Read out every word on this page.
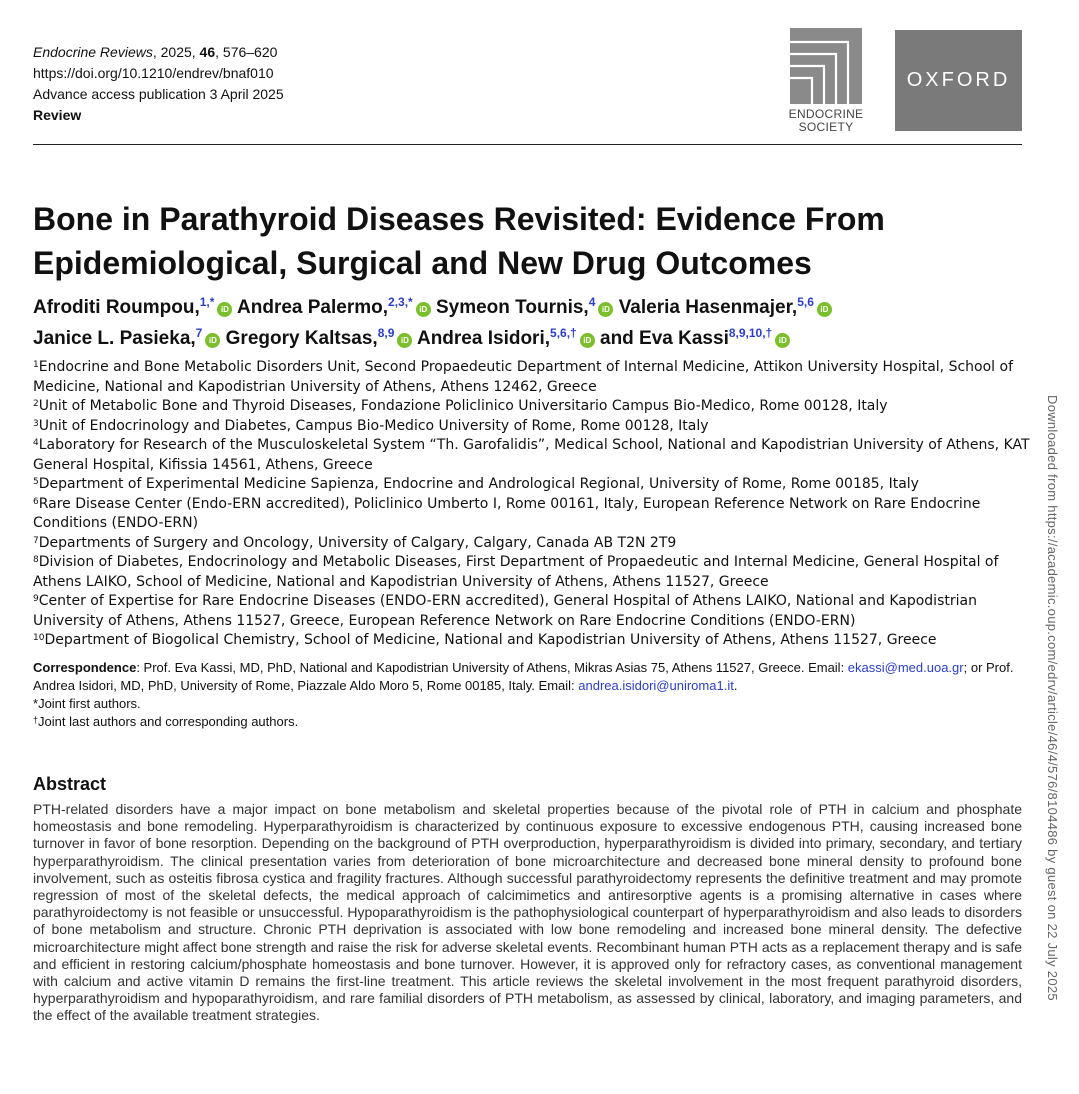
Endocrine Reviews, 2025, 46, 576–620
https://doi.org/10.1210/endrev/bnaf010
Advance access publication 3 April 2025
Review	ENDOCRINE
SOCIETY
OXFORD
Bone in Parathyroid Diseases Revisited: Evidence From Epidemiological, Surgical and New Drug Outcomes
Afroditi Roumpou,$^{1,*}$iD Andrea Palermo,$^{2,3,*}$iD Symeon Tournis,$^4$iD Valeria Hasenmajer,$^{5,6}$iD
Janice L. Pasieka,$^7$iD Gregory Kaltsas,$^{8,9}$iD Andrea Isidori,$^{5,6,\dagger}$iD and Eva Kassi$^{8,9,10,\dagger}$iD

$^1$Endocrine and Bone Metabolic Disorders Unit, Second Propaedeutic Department of Internal Medicine, Attikon University Hospital, School of Medicine, National and Kapodistrian University of Athens, Athens 12462, Greece

$^2$Unit of Metabolic Bone and Thyroid Diseases, Fondazione Policlinico Universitario Campus Bio-Medico, Rome 00128, Italy

$^3$Unit of Endocrinology and Diabetes, Campus Bio-Medico University of Rome, Rome 00128, Italy

$^4$Laboratory for Research of the Musculoskeletal System “Th. Garofalidis”, Medical School, National and Kapodistrian University of Athens, KAT General Hospital, Kifissia 14561, Athens, Greece

$^5$Department of Experimental Medicine Sapienza, Endocrine and Andrological Regional, University of Rome, Rome 00185, Italy

$^6$Rare Disease Center (Endo-ERN accredited), Policlinico Umberto I, Rome 00161, Italy, European Reference Network on Rare Endocrine Conditions (ENDO-ERN)

$^7$Departments of Surgery and Oncology, University of Calgary, Calgary, Canada AB T2N 2T9

$^8$Division of Diabetes, Endocrinology and Metabolic Diseases, First Department of Propaedeutic and Internal Medicine, General Hospital of Athens LAIKO, School of Medicine, National and Kapodistrian University of Athens, Athens 11527, Greece

$^9$Center of Expertise for Rare Endocrine Diseases (ENDO-ERN accredited), General Hospital of Athens LAIKO, National and Kapodistrian University of Athens, Athens 11527, Greece, European Reference Network on Rare Endocrine Conditions (ENDO-ERN)

$^{10}$Department of Biogolical Chemistry, School of Medicine, National and Kapodistrian University of Athens, Athens 11527, Greece

Correspondence: Prof. Eva Kassi, MD, PhD, National and Kapodistrian University of Athens, Mikras Asias 75, Athens 11527, Greece. Email: ekassi@med.uoa.gr; or Prof. Andrea Isidori, MD, PhD, University of Rome, Piazzale Aldo Moro 5, Rome 00185, Italy. Email: andrea.isidori@uniroma1.it.

*Joint first authors.

†Joint last authors and corresponding authors.

Abstract

PTH-related disorders have a major impact on bone metabolism and skeletal properties because of the pivotal role of PTH in calcium and phosphate homeostasis and bone remodeling. Hyperparathyroidism is characterized by continuous exposure to excessive endogenous PTH, causing increased bone turnover in favor of bone resorption. Depending on the background of PTH overproduction, hyperparathyroidism is divided into primary, secondary, and tertiary hyperparathyroidism. The clinical presentation varies from deterioration of bone microarchitecture and decreased bone mineral density to profound bone involvement, such as osteitis fibrosa cystica and fragility fractures. Although successful parathyroidectomy represents the definitive treatment and may promote regression of most of the skeletal defects, the medical approach of calcimimetics and antiresorptive agents is a promising alternative in cases where parathyroidectomy is not feasible or unsuccessful. Hypoparathyroidism is the pathophysiological counterpart of hyperparathyroidism and also leads to disorders of bone metabolism and structure. Chronic PTH deprivation is associated with low bone remodeling and increased bone mineral density. The defective microarchitecture might affect bone strength and raise the risk for adverse skeletal events. Recombinant human PTH acts as a replacement therapy and is safe and efficient in restoring calcium/phosphate homeostasis and bone turnover. However, it is approved only for refractory cases, as conventional management with calcium and active vitamin D remains the first-line treatment. This article reviews the skeletal involvement in the most frequent parathyroid disorders, hyperparathyroidism and hypoparathyroidism, and rare familial disorders of PTH metabolism, as assessed by clinical, laboratory, and imaging parameters, and the effect of the available treatment strategies.

Downloaded from https://academic.oup.com/edrv/article/46/4/576/8104486 by guest on 22 July 2025
